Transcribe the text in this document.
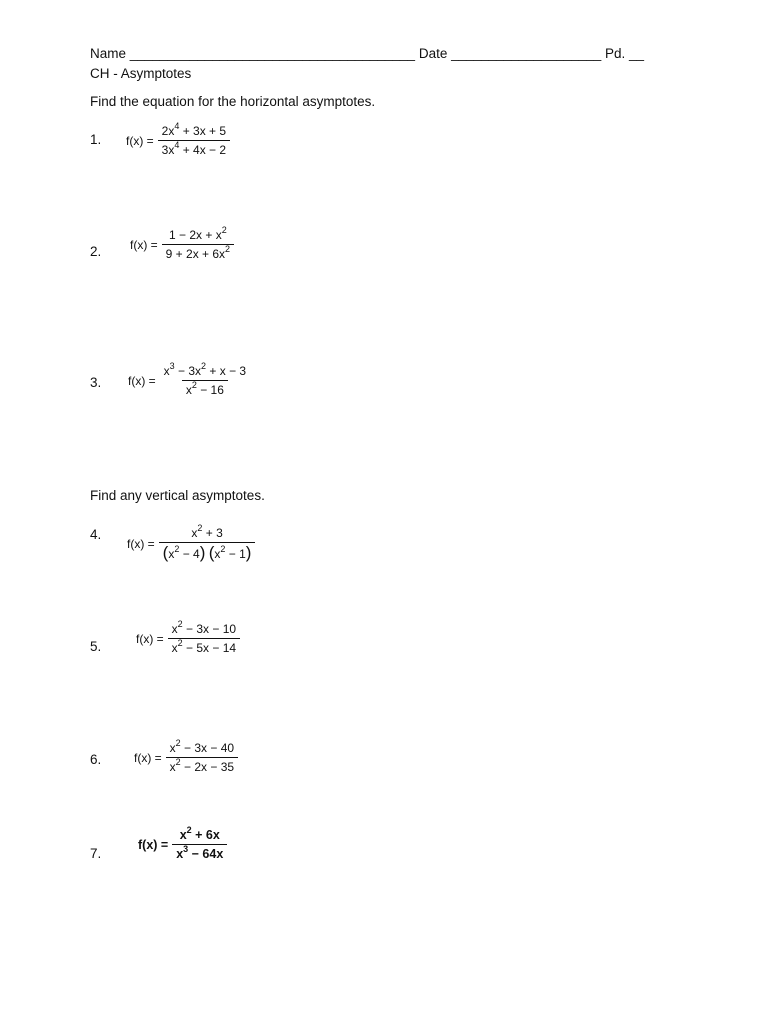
Name ______________________________________ Date ____________________ Pd. __
CH - Asymptotes
Find the equation for the horizontal asymptotes.
1. $f(x) = \frac{2x^4 + 3x + 5}{3x^4 + 4x - 2}$
2. $f(x) = \frac{1 - 2x + x^2}{9 + 2x + 6x^2}$
3. $f(x) = \frac{x^3 - 3x^2 + x - 3}{x^2 - 16}$
Find any vertical asymptotes.
4.
$f(x) = \frac{x^2 + 3}{(x^2 - 4) (x^2 - 1)}$
5.
$f(x) = \frac{x^2 - 3x - 10}{x^2 - 5x - 14}$
6.	$f(x) = \frac{x^2 - 3x - 40}{x^2 - 2x - 35}$
7.
$f(x) = \frac{x^2 + 6x}{x^3 - 64x}$
